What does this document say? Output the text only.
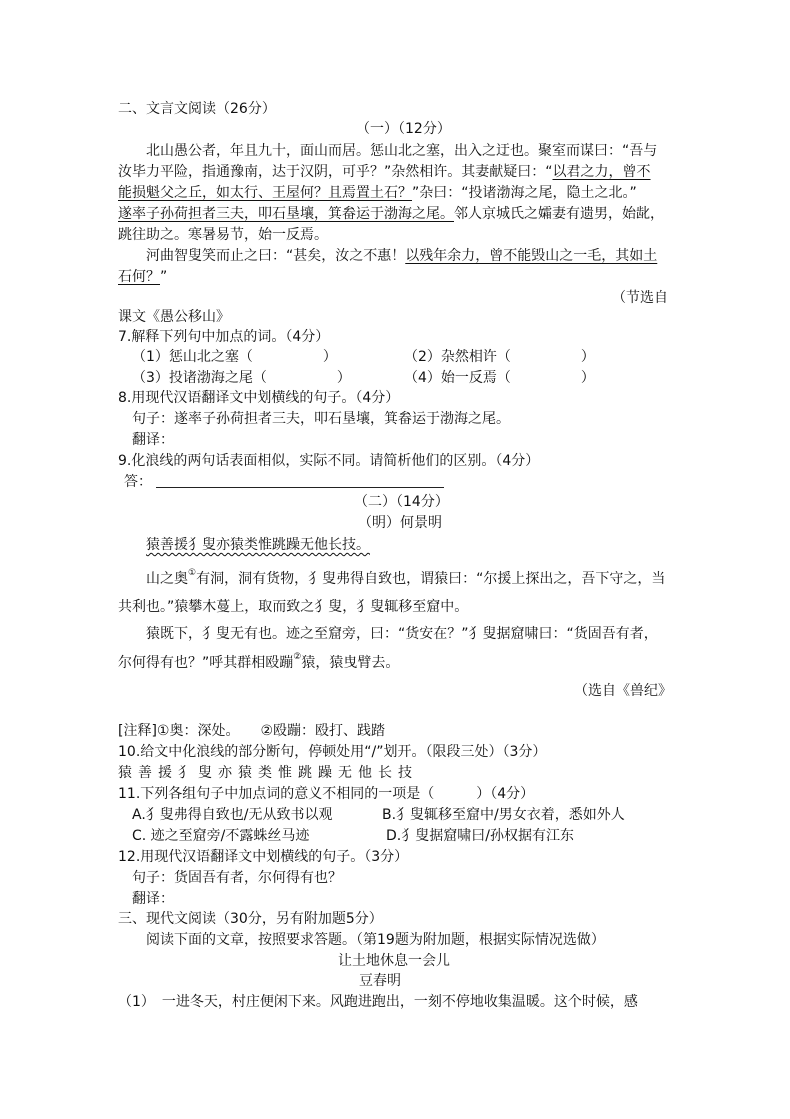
二、文言文阅读（26分）
（一）（12分）
北山愚公者，年且九十，面山而居。惩山北之塞，出入之迂也。聚室而谋曰：“吾与
汝毕力平险，指通豫南，达于汉阴，可乎？”杂然相许。其妻献疑曰：“以君之力，曾不
能损魁父之丘，如太行、王屋何？且焉置土石？”杂曰：“投诸渤海之尾，隐土之北。”
遂率子孙荷担者三夫，叩石垦壤，箕畚运于渤海之尾。邻人京城氏之孀妻有遗男，始龀，
跳往助之。寒暑易节，始一反焉。
河曲智叟笑而止之曰：“甚矣，汝之不惠！以残年余力，曾不能毁山之一毛，其如土
石何？”
（节选自
课文《愚公移山》
7.解释下列句中加点的词。（4分）
（1）惩山北之塞（　　　　　）	（2）杂然相许（　　　　　）
（3）投诸渤海之尾（　　　　　）	（4）始一反焉（　　　　　）
8.用现代汉语翻译文中划横线的句子。（4分）
句子：遂率子孙荷担者三夫，叩石垦壤，箕畚运于渤海之尾。
翻译：
9.化浪线的两句话表面相似，实际不同。请简析他们的区别。（4分）
答：
（二）（14分）
（明）何景明
猿善援犭叟亦猿类惟跳躁无他长技。
山之奥①有洞，洞有货物，犭叟弗得自致也，谓猿曰：“尔援上探出之，吾下守之，当
共利也。”猿攀木蔓上，取而致之犭叟，犭叟辄移至窟中。
猿既下，犭叟无有也。迹之至窟旁，曰：“货安在？”犭叟据窟啸曰：“货固吾有者，
尔何得有也？”呼其群相殴蹦②猿，猿曳臂去。
（选自《兽纪》
[注释]①奥：深处。　　②殴蹦：殴打、践踏
10.给文中化浪线的部分断句，停顿处用“/”划开。（限段三处）（3分）
猿善援犭叟亦猿类惟跳躁无他长技
11.下列各组句子中加点词的意义不相同的一项是（　　　）（4分）
A.犭叟弗得自致也/无从致书以观	B.犭叟辄移至窟中/男女衣着，悉如外人
C. 迹之至窟旁/不露蛛丝马迹	D.犭叟据窟啸曰/孙权据有江东
12.用现代汉语翻译文中划横线的句子。（3分）
句子：货固吾有者，尔何得有也？
翻译：
三、现代文阅读（30分，另有附加题5分）
阅读下面的文章，按照要求答题。（第19题为附加题，根据实际情况选做）
让土地休息一会儿
豆春明
（1）　一进冬天，村庄便闲下来。风跑进跑出，一刻不停地收集温暖。这个时候，感
